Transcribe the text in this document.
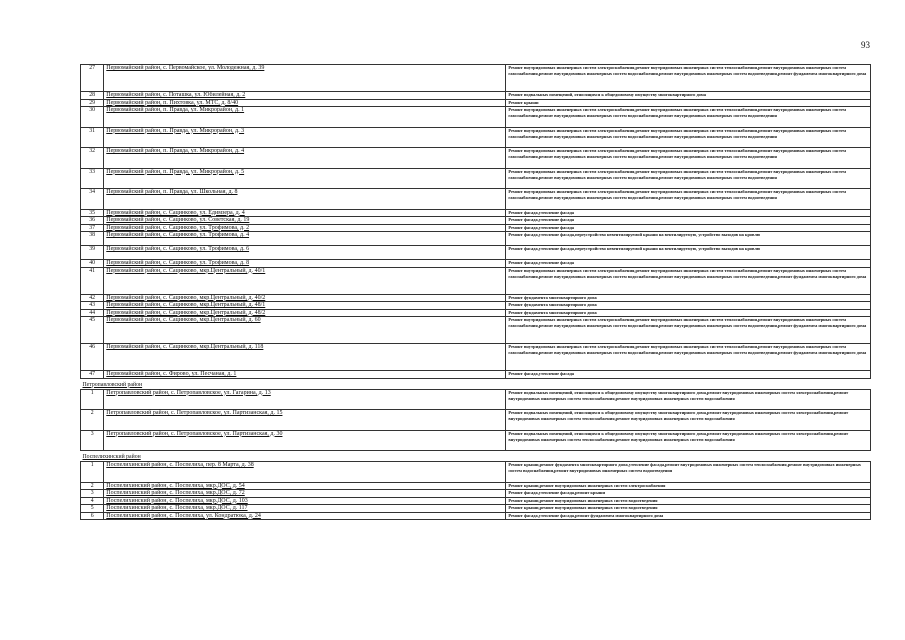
93
27	Первомайский район, с. Первомайское, ул. Молодежная, д. 39	Ремонт внутридомовых инженерных систем электроснабжения,ремонт внутридомовых инженерных систем теплоснабжения,ремонт внутридомовых инженерных систем газоснабжения,ремонт внутридомовых инженерных систем водоснабжения,ремонт внутридомовых инженерных систем водоотведения,ремонт фундамента многоквартирного дома
28	Первомайский район, с. Поташка, ул. Юбилейная, д. 2	Ремонт подвальных помещений, относящихся к общедомовому имуществу многоквартирного дома
29	Первомайский район, п. Пихтовка, ул. МТС, д. 8/40	Ремонт крыши
30	Первомайский район, п. Правда, ул. Микрорайон, д. 1	Ремонт внутридомовых инженерных систем электроснабжения,ремонт внутридомовых инженерных систем теплоснабжения,ремонт внутридомовых инженерных систем газоснабжения,ремонт внутридомовых инженерных систем водоснабжения,ремонт внутридомовых инженерных систем водоотведения
31	Первомайский район, п. Правда, ул. Микрорайон, д. 3	Ремонт внутридомовых инженерных систем электроснабжения,ремонт внутридомовых инженерных систем теплоснабжения,ремонт внутридомовых инженерных систем газоснабжения,ремонт внутридомовых инженерных систем водоснабжения,ремонт внутридомовых инженерных систем водоотведения
32	Первомайский район, п. Правда, ул. Микрорайон, д. 4	Ремонт внутридомовых инженерных систем электроснабжения,ремонт внутридомовых инженерных систем теплоснабжения,ремонт внутридомовых инженерных систем газоснабжения,ремонт внутридомовых инженерных систем водоснабжения,ремонт внутридомовых инженерных систем водоотведения
33	Первомайский район, п. Правда, ул. Микрорайон, д. 5	Ремонт внутридомовых инженерных систем электроснабжения,ремонт внутридомовых инженерных систем теплоснабжения,ремонт внутридомовых инженерных систем газоснабжения,ремонт внутридомовых инженерных систем водоснабжения,ремонт внутридомовых инженерных систем водоотведения
34	Первомайский район, п. Правда, ул. Школьная, д. 8	Ремонт внутридомовых инженерных систем электроснабжения,ремонт внутридомовых инженерных систем теплоснабжения,ремонт внутридомовых инженерных систем газоснабжения,ремонт внутридомовых инженерных систем водоснабжения,ремонт внутридомовых инженерных систем водоотведения
35	Первомайский район, с. Сацинково, ул. Едимзера, д. 4	Ремонт фасада,утепление фасада
36	Первомайский район, с. Сацинково, ул. Советская, д. 19	Ремонт фасада,утепление фасада
37	Первомайский район, с. Сацинково, ул. Трофимова, д. 2	Ремонт фасада,утепление фасада
38	Первомайский район, с. Сацинково, ул. Трофимова, д. 4	Ремонт фасада,утепление фасада,переустройство невентилируемой крыши на вентилируемую, устройство выходов на кровлю
39	Первомайский район, с. Сацинково, ул. Трофимова, д. 6	Ремонт фасада,утепление фасада,переустройство невентилируемой крыши на вентилируемую, устройство выходов на кровлю
40	Первомайский район, с. Сацинково, ул. Трофимова, д. 8	Ремонт фасада,утепление фасада
41	Первомайский район, с. Сацинково, мкр.Центральный, д. 40/1	Ремонт внутридомовых инженерных систем электроснабжения,ремонт внутридомовых инженерных систем теплоснабжения,ремонт внутридомовых инженерных систем газоснабжения,ремонт внутридомовых инженерных систем водоснабжения,ремонт внутридомовых инженерных систем водоотведения,ремонт фундамента многоквартирного дома
42	Первомайский район, с. Сацинково, мкр.Центральный, д. 40/2	Ремонт фундамента многоквартирного дома
43	Первомайский район, с. Сацинково, мкр.Центральный, д. 48/1	Ремонт фундамента многоквартирного дома
44	Первомайский район, с. Сацинково, мкр.Центральный, д. 48/2	Ремонт фундамента многоквартирного дома
45	Первомайский район, с. Сацинково, мкр.Центральный, д. 60	Ремонт внутридомовых инженерных систем электроснабжения,ремонт внутридомовых инженерных систем теплоснабжения,ремонт внутридомовых инженерных систем газоснабжения,ремонт внутридомовых инженерных систем водоснабжения,ремонт внутридомовых инженерных систем водоотведения,ремонт фундамента многоквартирного дома
46	Первомайский район, с. Сацинково, мкр.Центральный, д. 118	Ремонт внутридомовых инженерных систем электроснабжения,ремонт внутридомовых инженерных систем теплоснабжения,ремонт внутридомовых инженерных систем газоснабжения,ремонт внутридомовых инженерных систем водоснабжения,ремонт внутридомовых инженерных систем водоотведения,ремонт фундамента многоквартирного дома
47	Первомайский район, с. Фирово, ул. Песчаная, д. 1	Ремонт фасада,утепление фасада
Петропавловский район		
1	Петропавловский район, с. Петропавловское, ул. Гагарина, д. 13	Ремонт подвальных помещений, относящихся к общедомовому имуществу многоквартирного дома,ремонт внутридомовых инженерных систем электроснабжения,ремонт внутридомовых инженерных систем теплоснабжения,ремонт внутридомовых инженерных систем водоснабжения
2	Петропавловский район, с. Петропавловское, ул. Партизанская, д. 15	Ремонт подвальных помещений, относящихся к общедомовому имуществу многоквартирного дома,ремонт внутридомовых инженерных систем электроснабжения,ремонт внутридомовых инженерных систем теплоснабжения,ремонт внутридомовых инженерных систем водоснабжения
3	Петропавловский район, с. Петропавловское, ул. Партизанская, д. 30	Ремонт подвальных помещений, относящихся к общедомовому имуществу многоквартирного дома,ремонт внутридомовых инженерных систем электроснабжения,ремонт внутридомовых инженерных систем теплоснабжения,ремонт внутридомовых инженерных систем водоснабжения
Поспелихинский район		
1	Поспелихинский район, с. Поспелиха, пер. 8 Марта, д. 38	Ремонт крыши,ремонт фундамента многоквартирного дома,утепление фасада,ремонт внутридомовых инженерных систем теплоснабжения,ремонт внутридомовых инженерных систем водоснабжения,ремонт внутридомовых инженерных систем водоотведения
2	Поспелихинский район, с. Поспелиха, мкр.ДОС, д. 54	Ремонт крыши,ремонт внутридомовых инженерных систем электроснабжения
3	Поспелихинский район, с. Поспелиха, мкр.ДОС, д. 72	Ремонт фасада,утепление фасада,ремонт крыши
4	Поспелихинский район, с. Поспелиха, мкр.ДОС, д. 103	Ремонт крыши,ремонт внутридомовых инженерных систем водоотведения
5	Поспелихинский район, с. Поспелиха, мкр.ДОС, д. 117	Ремонт крыши,ремонт внутридомовых инженерных систем водоотведения
6	Поспелихинский район, с. Поспелиха, ул. Кондратюка, д. 24	Ремонт фасада,утепление фасада,ремонт фундамента многоквартирного дома
